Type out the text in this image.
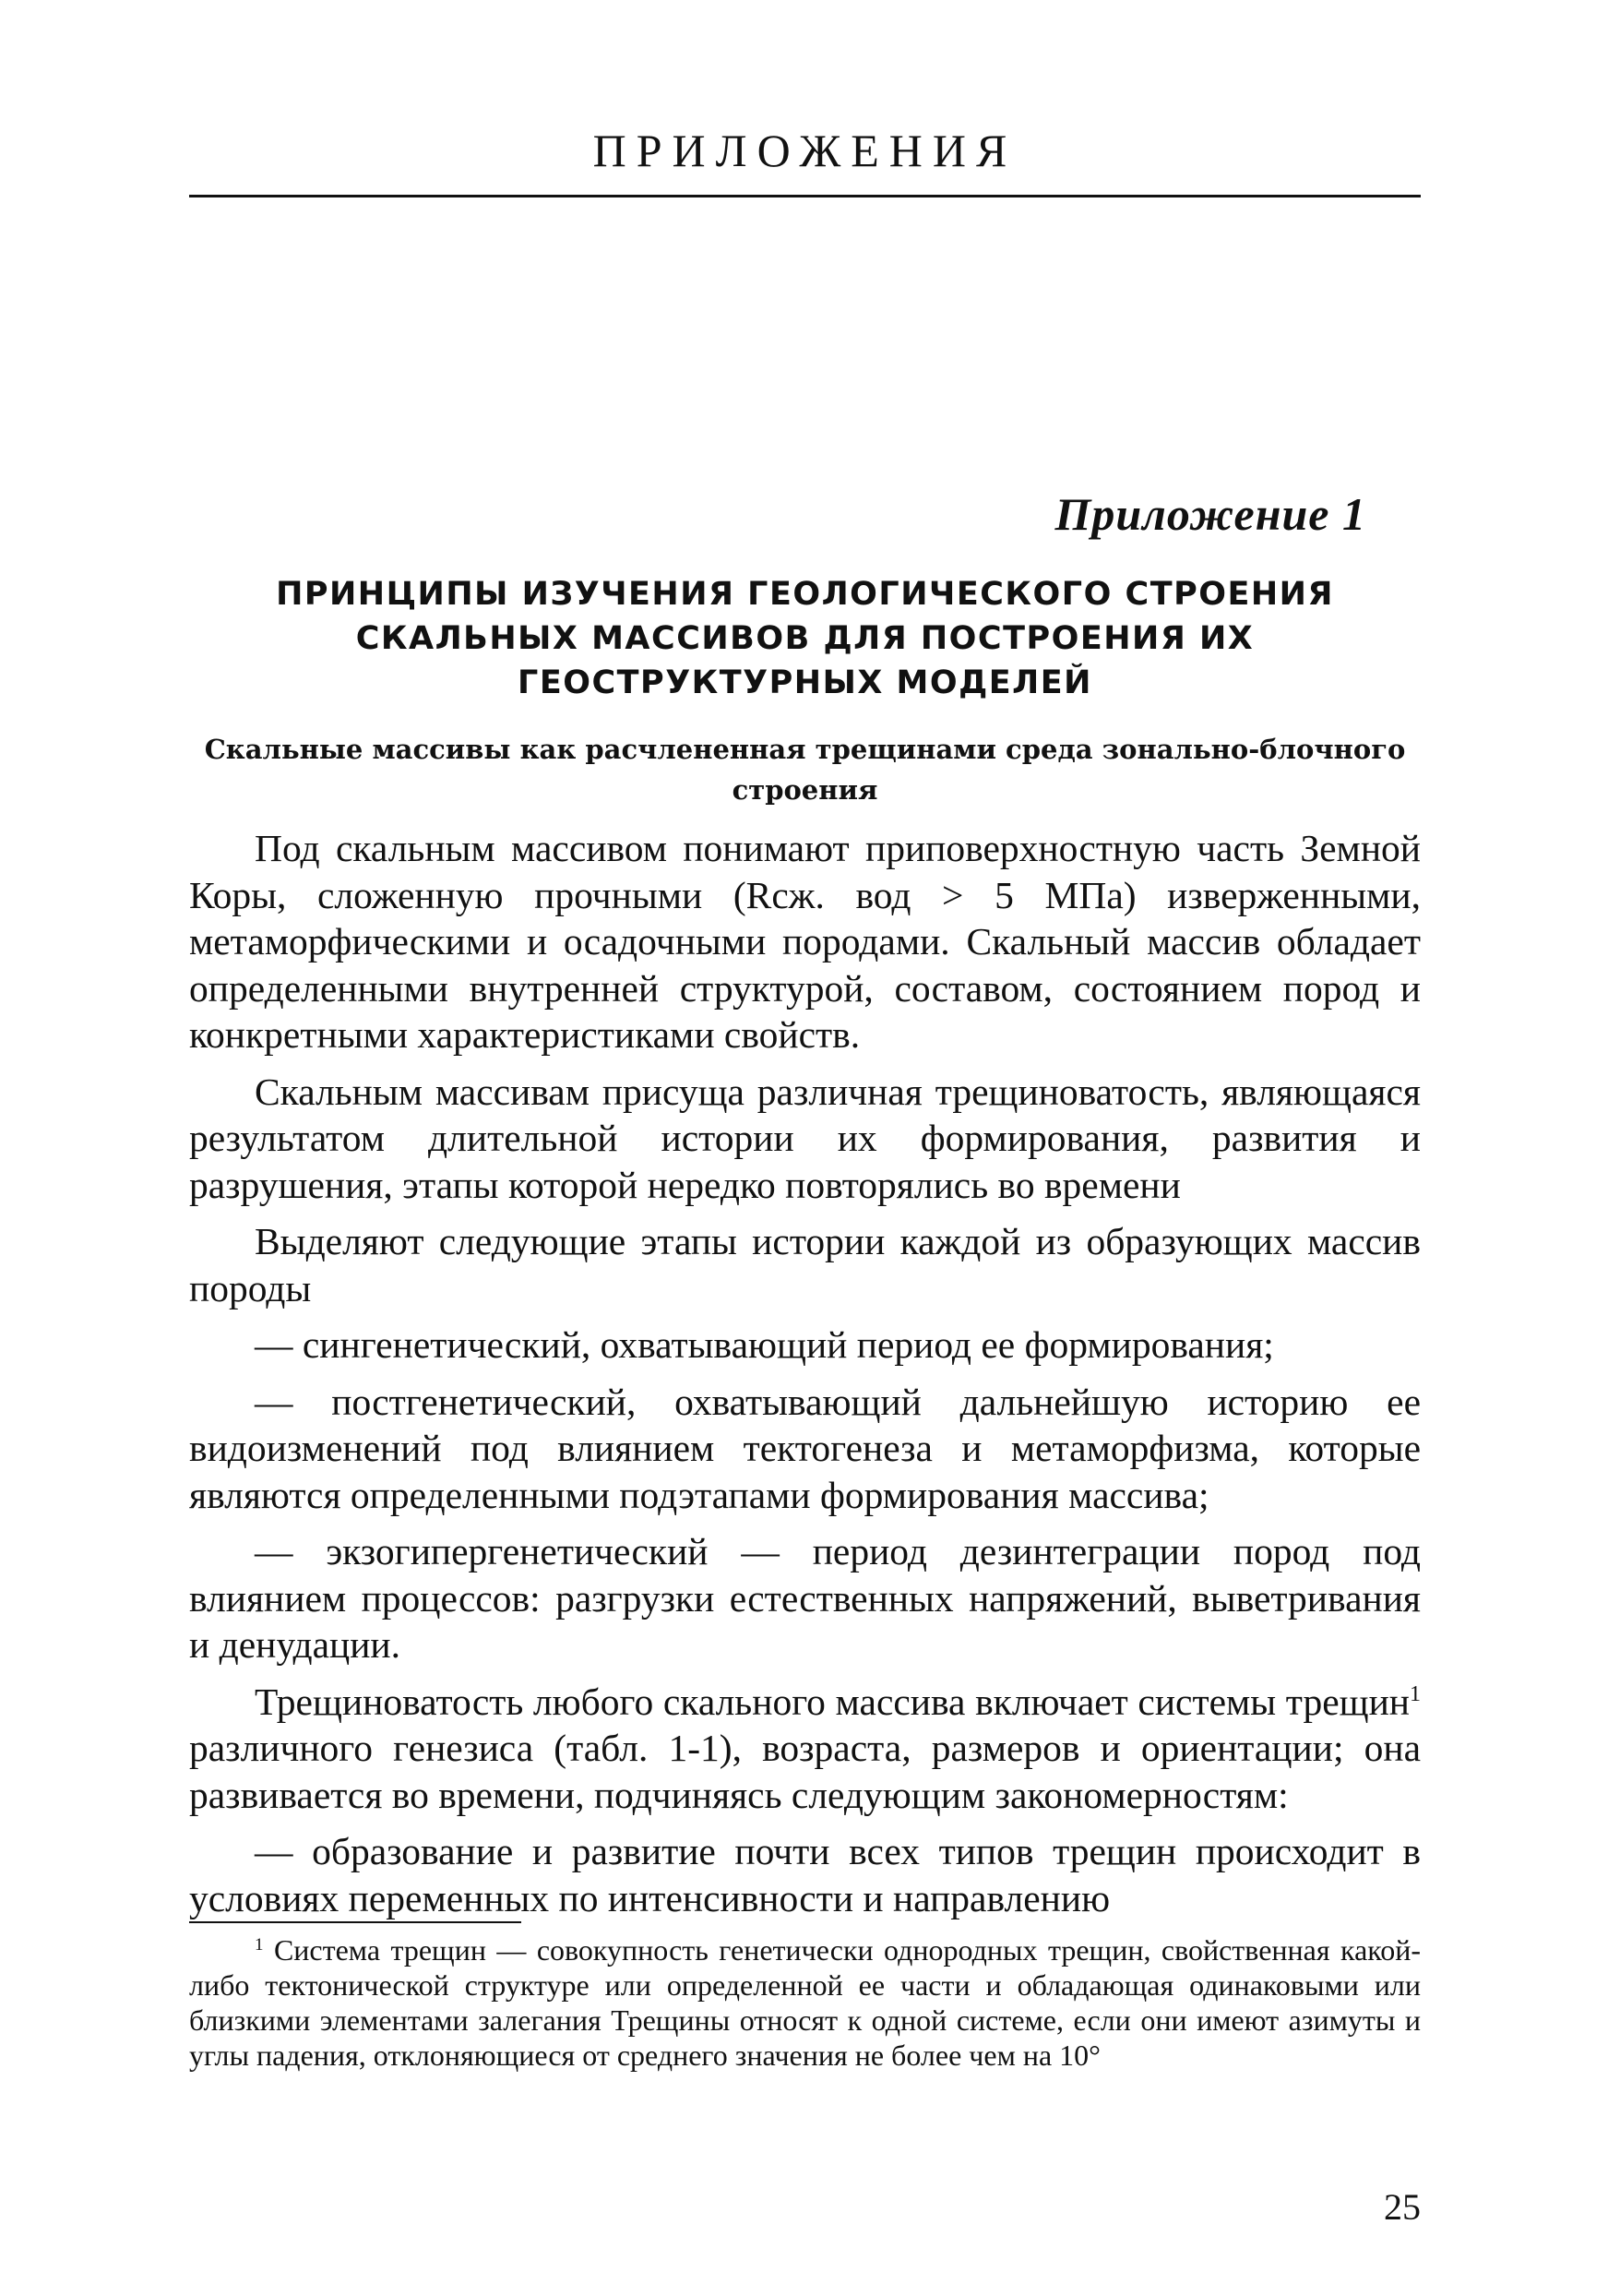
ПРИЛОЖЕНИЯ
Приложение 1
ПРИНЦИПЫ ИЗУЧЕНИЯ ГЕОЛОГИЧЕСКОГО СТРОЕНИЯ СКАЛЬНЫХ МАССИВОВ ДЛЯ ПОСТРОЕНИЯ ИХ ГЕОСТРУКТУРНЫХ МОДЕЛЕЙ
Скальные массивы как расчлененная трещинами среда зонально-блочного строения

Под скальным массивом понимают приповерхностную часть Земной Коры, сложенную прочными (Rсж. вод > 5 МПа) изверженными, метаморфическими и осадочными породами. Скальный массив обладает определенными внутренней структурой, составом, состоянием пород и конкретными характеристиками свойств.

Скальным массивам присуща различная трещиноватость, являющаяся результатом длительной истории их формирования, развития и разрушения, этапы которой нередко повторялись во времени

Выделяют следующие этапы истории каждой из образующих массив породы

— сингенетический, охватывающий период ее формирования;

— постгенетический, охватывающий дальнейшую историю ее видоизменений под влиянием тектогенеза и метаморфизма, которые являются определенными подэтапами формирования массива;

— экзогипергенетический — период дезинтеграции пород под влиянием процессов: разгрузки естественных напряжений, выветривания и денудации.

Трещиноватость любого скального массива включает системы трещин$^1$ различного генезиса (табл. 1-1), возраста, размеров и ориентации; она развивается во времени, подчиняясь следующим закономерностям:

— образование и развитие почти всех типов трещин происходит в условиях переменных по интенсивности и направлению

$^1$ Система трещин — совокупность генетически однородных трещин, свойственная какой-либо тектонической структуре или определенной ее части и обладающая одинаковыми или близкими элементами залегания Трещины относят к одной системе, если они имеют азимуты и углы падения, отклоняющиеся от среднего значения не более чем на 10°

25
